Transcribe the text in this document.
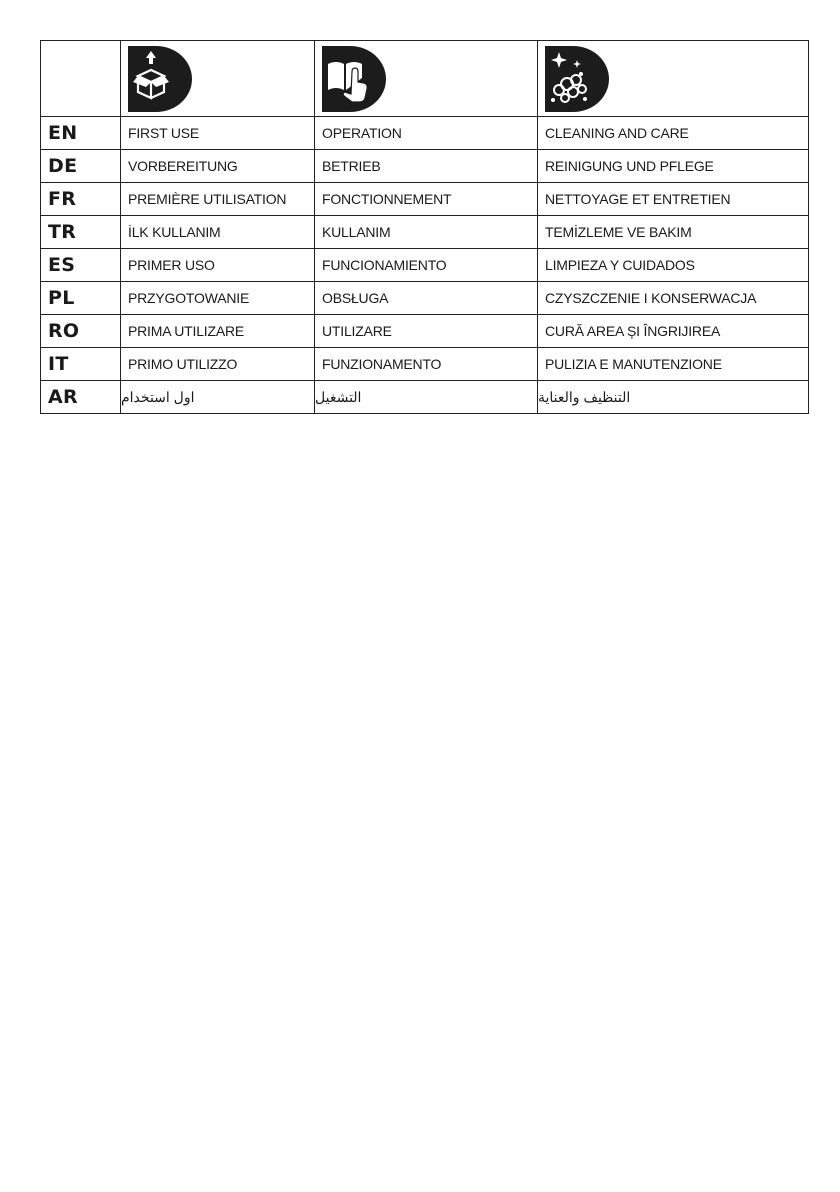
EN	FIRST USE	OPERATION	CLEANING AND CARE
DE	VORBEREITUNG	BETRIEB	REINIGUNG UND PFLEGE
FR	PREMIÈRE UTILISATION	FONCTIONNEMENT	NETTOYAGE ET ENTRETIEN
TR	İLK KULLANIM	KULLANIM	TEMİZLEME VE BAKIM
ES	PRIMER USO	FUNCIONAMIENTO	LIMPIEZA Y CUIDADOS
PL	PRZYGOTOWANIE	OBSŁUGA	CZYSZCZENIE I KONSERWACJA
RO	PRIMA UTILIZARE	UTILIZARE	CURĂ AREA ȘI ÎNGRIJIREA
IT	PRIMO UTILIZZO	FUNZIONAMENTO	PULIZIA E MANUTENZIONE
AR	اول استخدام	التشغيل	التنظيف والعناية
